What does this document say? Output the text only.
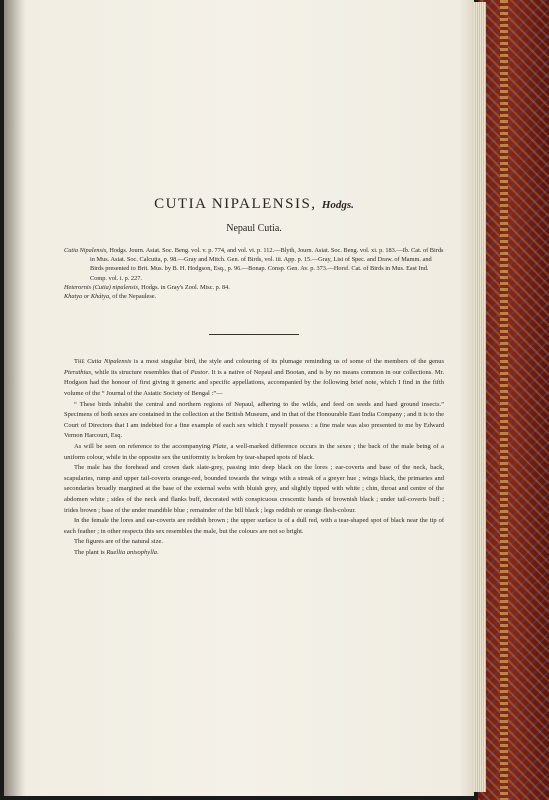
CUTIA NIPALENSIS, Hodgs.
Nepaul Cutia.
Cutia Nipalensis, Hodgs. Journ. Asiat. Soc. Beng. vol. v. p. 774, and vol. vi. p. 112.—Blyth, Journ. Asiat. Soc. Beng. vol. xi. p. 183.—Ib. Cat. of Birds in Mus. Asiat. Soc. Calcutta, p. 98.—Gray and Mitch. Gen. of Birds, vol. iii. App. p. 15.—Gray, List of Spec. and Draw. of Mamm. and Birds presented to Brit. Mus. by B. H. Hodgson, Esq., p. 96.—Bonap. Consp. Gen. Av. p. 373.—Horsf. Cat. of Birds in Mus. East Ind. Comp. vol. i. p. 227.
Heterornis (Cutia) nipalensis, Hodgs. in Gray's Zool. Misc. p. 84.
Khatya or Khátya, of the Nepaulese.

The Cutia Nipalensis is a most singular bird, the style and colouring of its plumage reminding us of some of the members of the genus Pteruthius, while its structure resembles that of Pastor. It is a native of Nepaul and Bootan, and is by no means common in our collections. Mr. Hodgson had the honour of first giving it generic and specific appellations, accompanied by the following brief note, which I find in the fifth volume of the “ Journal of the Asiatic Society of Bengal :”—

“ These birds inhabit the central and northern regions of Nepaul, adhering to the wilds, and feed on seeds and hard ground insects.” Specimens of both sexes are contained in the collection at the British Museum, and in that of the Honourable East India Company ; and it is to the Court of Directors that I am indebted for a fine example of each sex which I myself possess : a fine male was also presented to me by Edward Vernon Harcourt, Esq.

As will be seen on reference to the accompanying Plate, a well-marked difference occurs in the sexes ; the back of the male being of a uniform colour, while in the opposite sex the uniformity is broken by tear-shaped spots of black.

The male has the forehead and crown dark slate-grey, passing into deep black on the lores ; ear-coverts and base of the neck, back, scapularies, rump and upper tail-coverts orange-red, bounded towards the wings with a streak of a greyer hue ; wings black, the primaries and secondaries broadly margined at the base of the external webs with bluish grey, and slightly tipped with white ; chin, throat and centre of the abdomen white ; sides of the neck and flanks buff, decorated with conspicuous crescentic bands of brownish black ; under tail-coverts buff ; irides brown ; base of the under mandible blue ; remainder of the bill black ; legs reddish or orange flesh-colour.

In the female the lores and ear-coverts are reddish brown ; the upper surface is of a dull red, with a tear-shaped spot of black near the tip of each feather ; in other respects this sex resembles the male, but the colours are not so bright.

The figures are of the natural size.

The plant is Ruellia anisophylla.
